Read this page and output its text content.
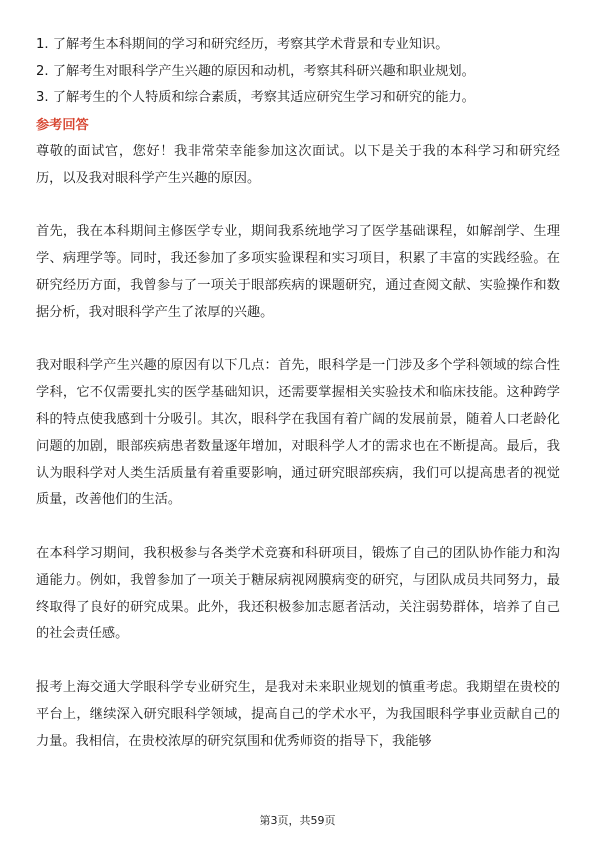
1. 了解考生本科期间的学习和研究经历，考察其学术背景和专业知识。
2. 了解考生对眼科学产生兴趣的原因和动机，考察其科研兴趣和职业规划。
3. 了解考生的个人特质和综合素质，考察其适应研究生学习和研究的能力。
参考回答

尊敬的面试官，您好！我非常荣幸能参加这次面试。以下是关于我的本科学习和研究经历，以及我对眼科学产生兴趣的原因。

首先，我在本科期间主修医学专业，期间我系统地学习了医学基础课程，如解剖学、生理学、病理学等。同时，我还参加了多项实验课程和实习项目，积累了丰富的实践经验。在研究经历方面，我曾参与了一项关于眼部疾病的课题研究，通过查阅文献、实验操作和数据分析，我对眼科学产生了浓厚的兴趣。

我对眼科学产生兴趣的原因有以下几点：首先，眼科学是一门涉及多个学科领域的综合性学科，它不仅需要扎实的医学基础知识，还需要掌握相关实验技术和临床技能。这种跨学科的特点使我感到十分吸引。其次，眼科学在我国有着广阔的发展前景，随着人口老龄化问题的加剧，眼部疾病患者数量逐年增加，对眼科学人才的需求也在不断提高。最后，我认为眼科学对人类生活质量有着重要影响，通过研究眼部疾病，我们可以提高患者的视觉质量，改善他们的生活。

在本科学习期间，我积极参与各类学术竞赛和科研项目，锻炼了自己的团队协作能力和沟通能力。例如，我曾参加了一项关于糖尿病视网膜病变的研究，与团队成员共同努力，最终取得了良好的研究成果。此外，我还积极参加志愿者活动，关注弱势群体，培养了自己的社会责任感。

报考上海交通大学眼科学专业研究生，是我对未来职业规划的慎重考虑。我期望在贵校的平台上，继续深入研究眼科学领域，提高自己的学术水平，为我国眼科学事业贡献自己的力量。我相信，在贵校浓厚的研究氛围和优秀师资的指导下，我能够

第3页，共59页
